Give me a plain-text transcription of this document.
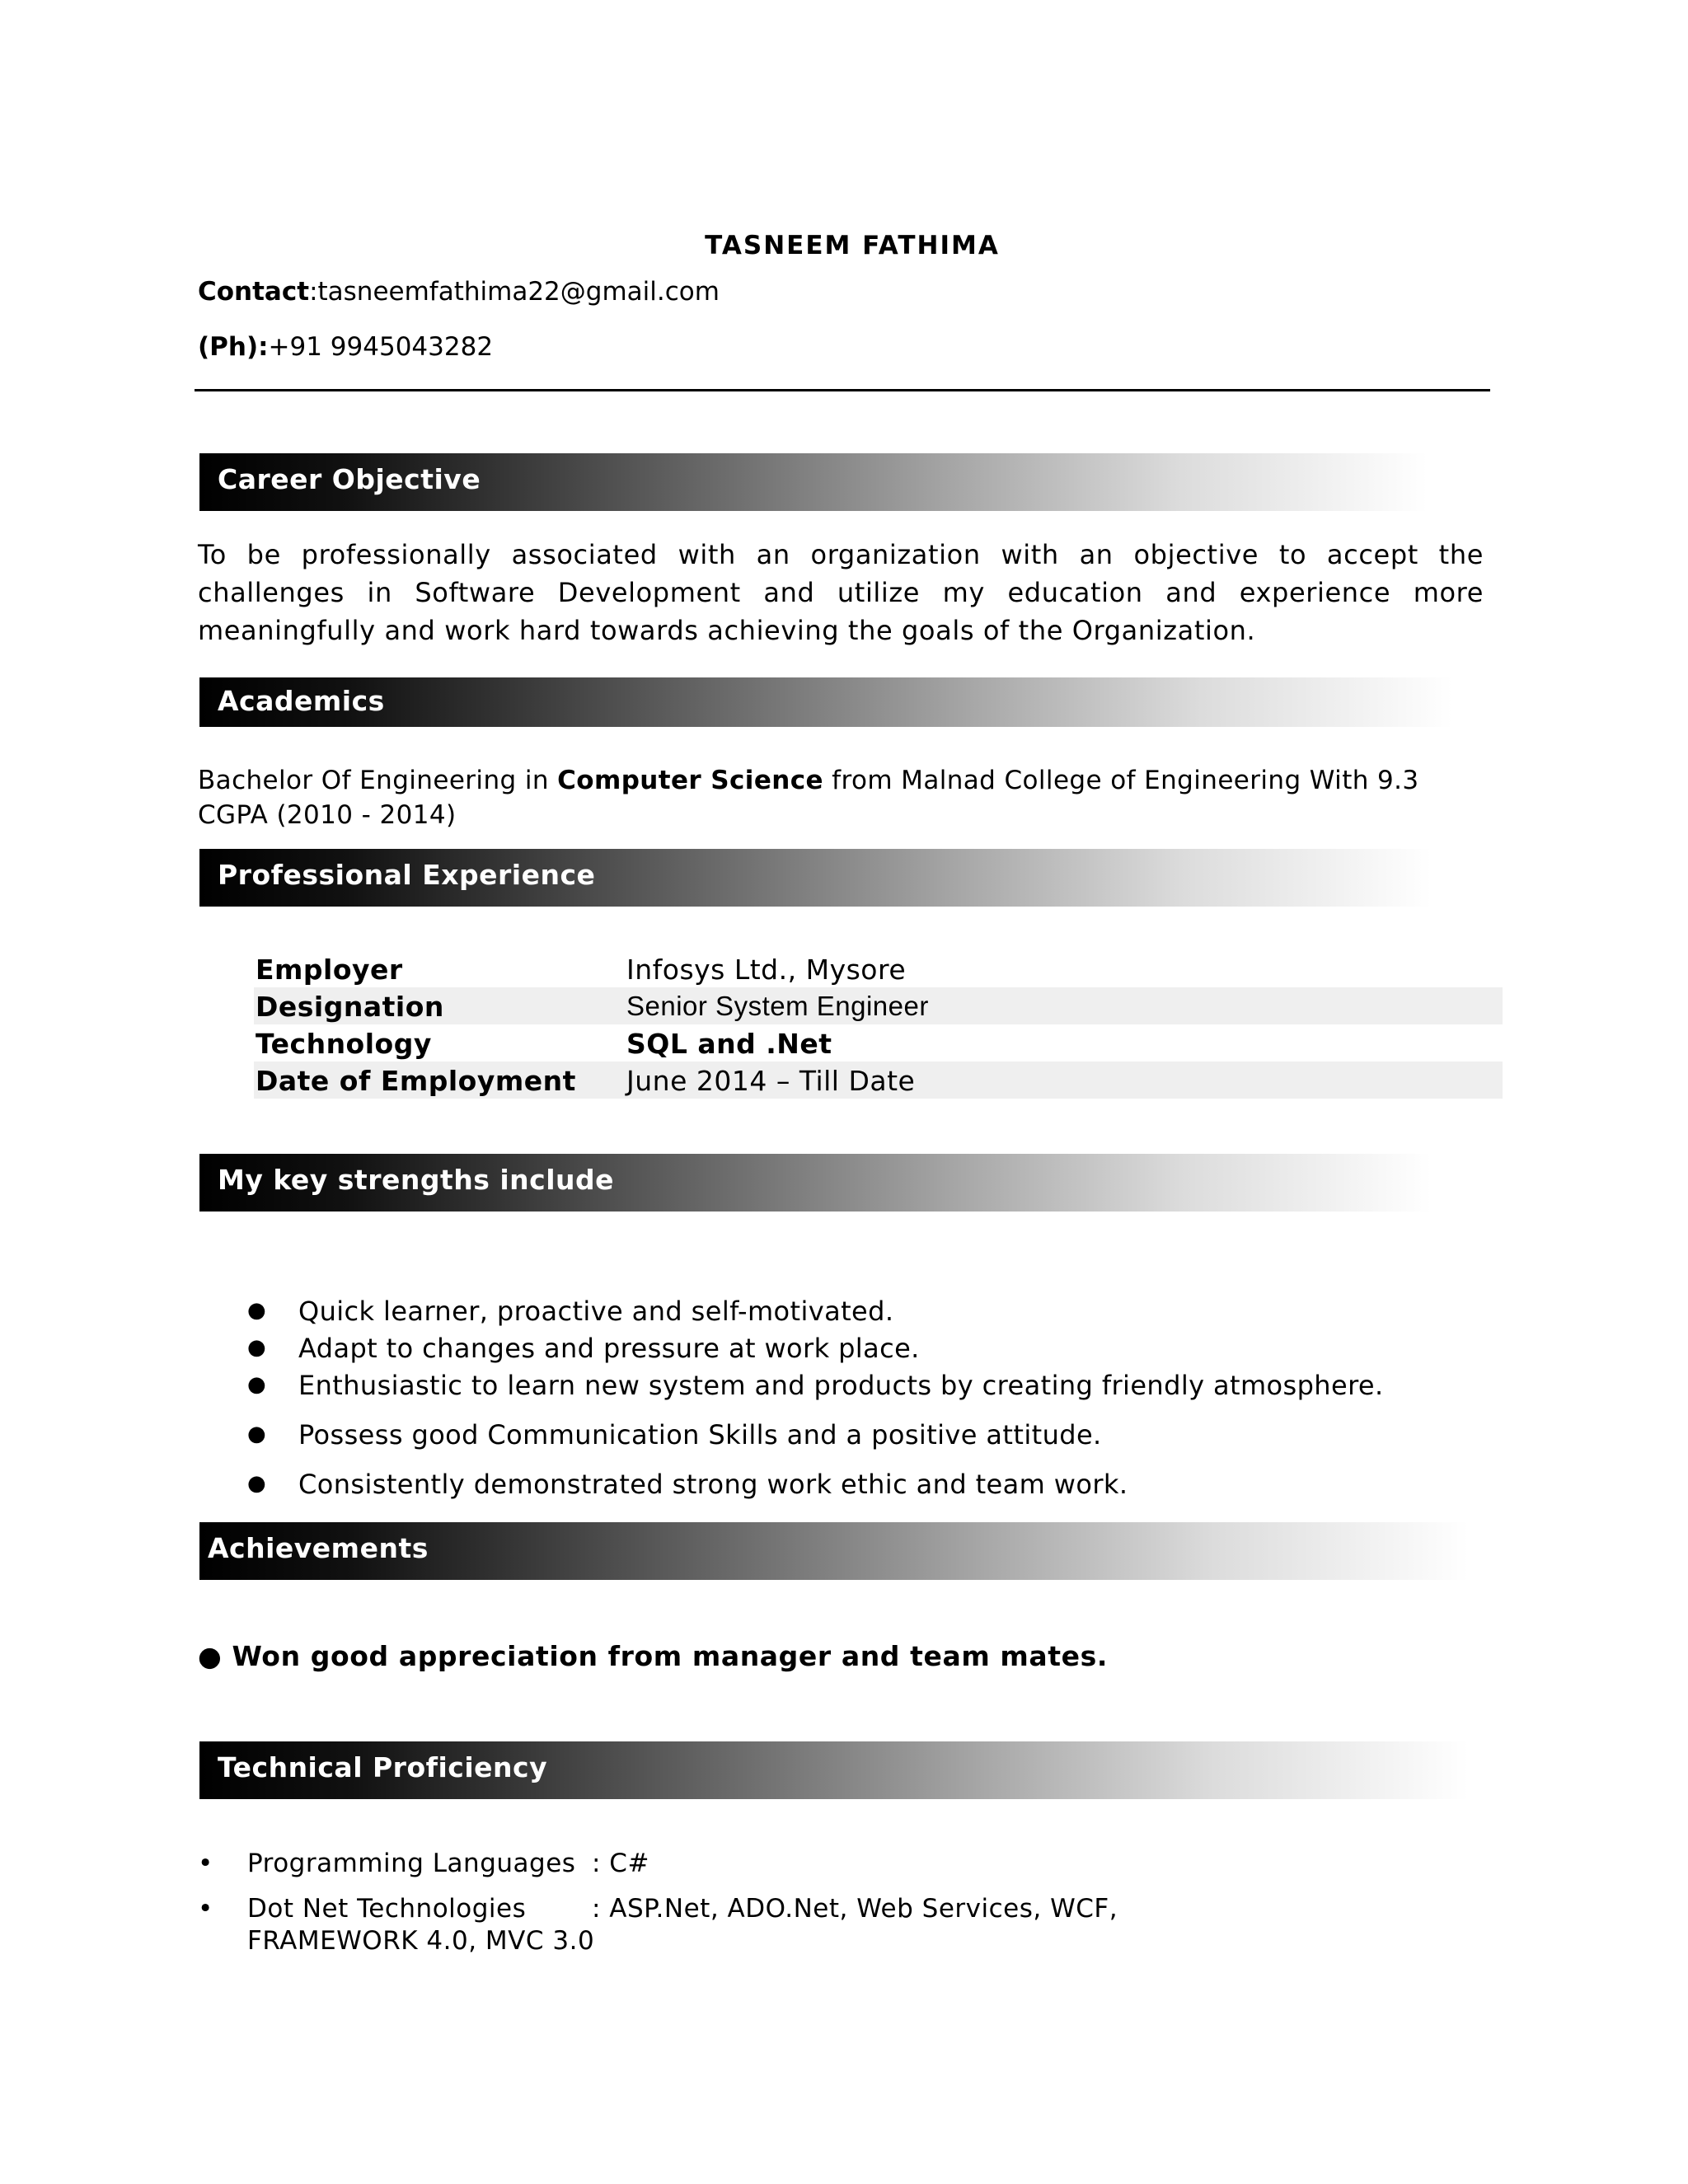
TASNEEM FATHIMA
Contact:tasneemfathima22@gmail.com
(Ph):+91 9945043282
Career Objective
To be professionally associated with an organization with an objective to accept the challenges in Software Development and utilize my education and experience more meaningfully and work hard towards achieving the goals of the Organization.
Academics
Bachelor Of Engineering in Computer Science from Malnad College of Engineering With 9.3 CGPA (2010 - 2014)
Professional Experience
Employer	Infosys Ltd., Mysore
Designation	Senior System Engineer
Technology	SQL and .Net
Date of Employment June 2014 – Till Date
My key strengths include
● Quick learner, proactive and self-motivated.
● Adapt to changes and pressure at work place.
● Enthusiastic to learn new system and products by creating friendly atmosphere.
● Possess good Communication Skills and a positive attitude.
● Consistently demonstrated strong work ethic and team work.
Achievements
● Won good appreciation from manager and team mates.
Technical Proficiency
• Programming Languages : C#
• Dot Net Technologies	: ASP.Net, ADO.Net, Web Services, WCF,
FRAMEWORK 4.0, MVC 3.0
